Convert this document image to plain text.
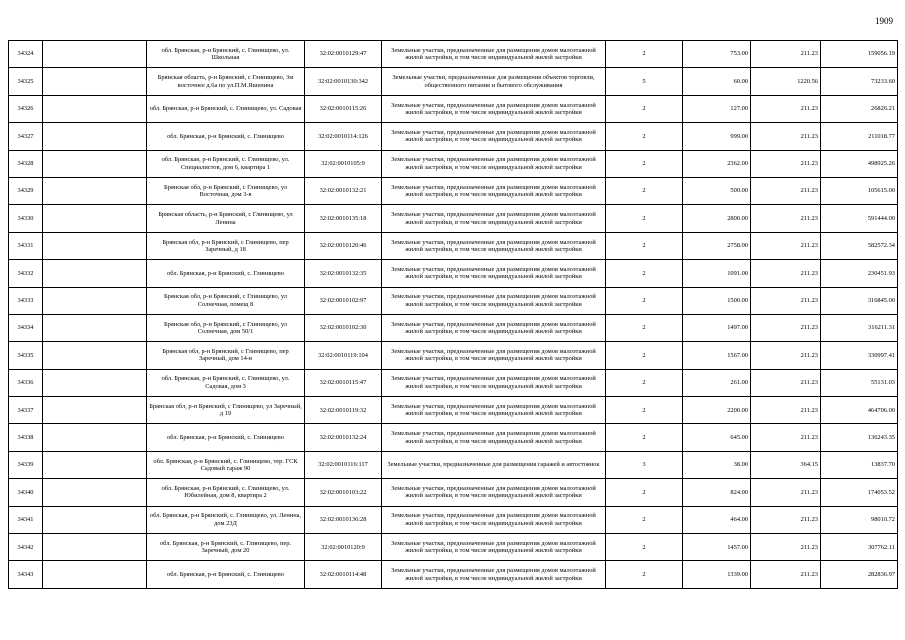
1909
34324		обл. Брянская, р-н Брянский, с. Глинищево, ул. Школьная	32:02:0010129:47	Земельные участки, предназначенные для размещения домов малоэтажной жилой застройки, в том числе индивидуальной жилой застройки	2	753.00	211.23	159056.19
34325		Брянская область, р-н Брянский, с Глинищево, 3м восточнее д.6а по ул.П.М.Яшенина	32:02:0010130:342	Земельные участки, предназначенные для размещения объектов торговли, общественного питания и бытового обслуживания	5	60.00	1220.56	73233.60
34326		обл. Брянская, р-н Брянский, с. Глинищево, ул. Садовая	32:02:0010115:26	Земельные участки, предназначенные для размещения домов малоэтажной жилой застройки, в том числе индивидуальной жилой застройки	2	127.00	211.23	26826.21
34327		обл. Брянская, р-н Брянский, с. Глинищево	32:02:0010114:126	Земельные участки, предназначенные для размещения домов малоэтажной жилой застройки, в том числе индивидуальной жилой застройки	2	999.00	211.23	211018.77
34328		обл. Брянская, р-н Брянский, с. Глинищево, ул. Специалистов, дом 6, квартира 1	32:02:0010105:9	Земельные участки, предназначенные для размещения домов малоэтажной жилой застройки, в том числе индивидуальной жилой застройки	2	2362.00	211.23	498925.26
34329		Брянская обл, р-н Брянский, с Глинищево, ул Восточная, дом 3-в	32:02:0010132:21	Земельные участки, предназначенные для размещения домов малоэтажной жилой застройки, в том числе индивидуальной жилой застройки	2	500.00	211.23	105615.00
34330		Брянская область, р-н Брянский, с Глинищево, ул Ленина	32:02:0010135:18	Земельные участки, предназначенные для размещения домов малоэтажной жилой застройки, в том числе индивидуальной жилой застройки	2	2800.00	211.23	591444.00
34331		Брянская обл, р-н Брянский, с Глинищево, пер Заречный, д 18	32:02:0010120:46	Земельные участки, предназначенные для размещения домов малоэтажной жилой застройки, в том числе индивидуальной жилой застройки	2	2758.00	211.23	582572.34
34332		обл. Брянская, р-н Брянский, с. Глинищево	32:02:0010132:35	Земельные участки, предназначенные для размещения домов малоэтажной жилой застройки, в том числе индивидуальной жилой застройки	2	1091.00	211.23	230451.93
34333		Брянская обл, р-н Брянский, с Глинищево, ул Солнечная, помещ 8	32:02:0010102:97	Земельные участки, предназначенные для размещения домов малоэтажной жилой застройки, в том числе индивидуальной жилой застройки	2	1500.00	211.23	316845.00
34334		Брянская обл, р-н Брянский, с Глинищево, ул Солнечная, дом 50/1	32:02:0010102:30	Земельные участки, предназначенные для размещения домов малоэтажной жилой застройки, в том числе индивидуальной жилой застройки	2	1497.00	211.23	316211.31
34335		Брянская обл, р-н Брянский, с Глинищево, пер Заречный, дом 14-в	32:02:0010119:104	Земельные участки, предназначенные для размещения домов малоэтажной жилой застройки, в том числе индивидуальной жилой застройки	2	1567.00	211.23	330997.41
34336		обл. Брянская, р-н Брянский, с. Глинищево, ул. Садовая, дом 3	32:02:0010115:47	Земельные участки, предназначенные для размещения домов малоэтажной жилой застройки, в том числе индивидуальной жилой застройки	2	261.00	211.23	55131.03
34337		Брянская обл, р-н Брянский, с Глинищево, ул Заречный, д 19	32:02:0010119:32	Земельные участки, предназначенные для размещения домов малоэтажной жилой застройки, в том числе индивидуальной жилой застройки	2	2200.00	211.23	464706.00
34338		обл. Брянская, р-н Брянский, с. Глинищево	32:02:0010132:24	Земельные участки, предназначенные для размещения домов малоэтажной жилой застройки, в том числе индивидуальной жилой застройки	2	645.00	211.23	136243.35
34339		обл. Брянская, р-н Брянский, с. Глинищево, тер. ГСК Садовый гараж 90	32:02:0010116:117	Земельные участки, предназначенные для размещения гаражей и автостоянок	3	38.00	364.15	13837.70
34340		обл. Брянская, р-н Брянский, с. Глинищево, ул. Юбилейная, дом 8, квартира 2	32:02:0010103:22	Земельные участки, предназначенные для размещения домов малоэтажной жилой застройки, в том числе индивидуальной жилой застройки	2	824.00	211.23	174053.52
34341		обл. Брянская, р-н Брянский, с. Глинищево, ул. Ленина, дом 23Д	32:02:0010136:28	Земельные участки, предназначенные для размещения домов малоэтажной жилой застройки, в том числе индивидуальной жилой застройки	2	464.00	211.23	98010.72
34342		обл. Брянская, р-н Брянский, с. Глинищево, пер. Заречный, дом 20	32:02:0010120:9	Земельные участки, предназначенные для размещения домов малоэтажной жилой застройки, в том числе индивидуальной жилой застройки	2	1457.00	211.23	307762.11
34343		обл. Брянская, р-н Брянский, с. Глинищево	32:02:0010114:48	Земельные участки, предназначенные для размещения домов малоэтажной жилой застройки, в том числе индивидуальной жилой застройки	2	1339.00	211.23	282836.97
